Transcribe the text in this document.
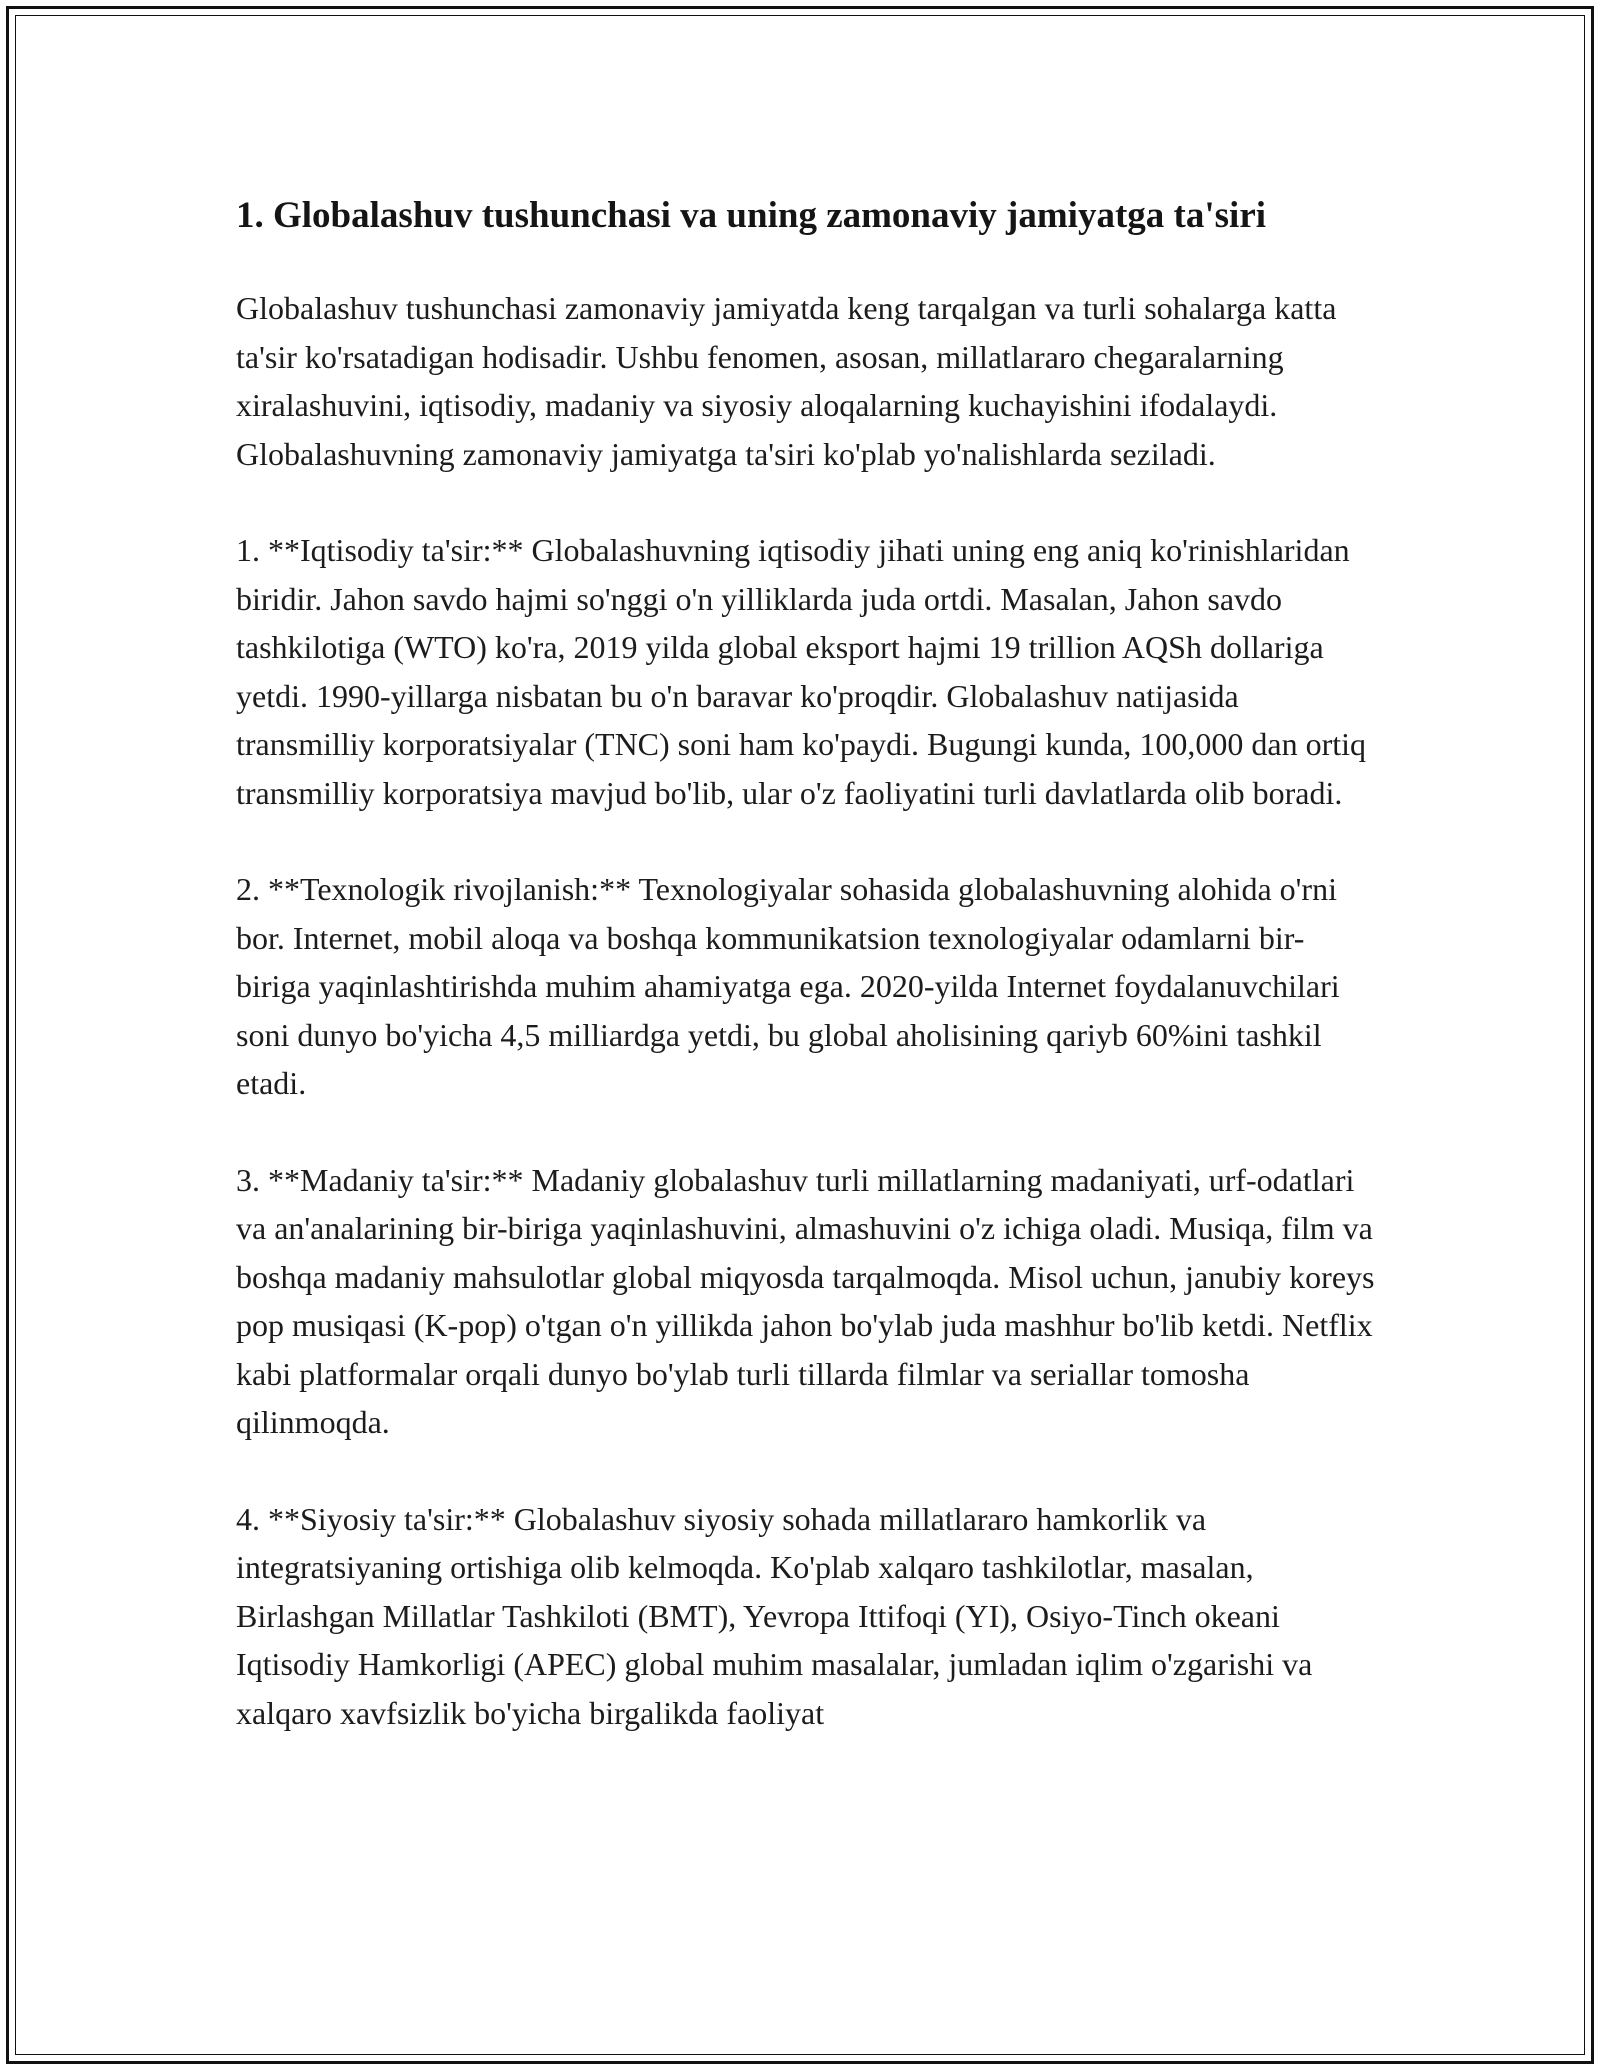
1. Globalashuv tushunchasi va uning zamonaviy jamiyatga ta'siri

Globalashuv tushunchasi zamonaviy jamiyatda keng tarqalgan va turli sohalarga katta ta'sir ko'rsatadigan hodisadir. Ushbu fenomen, asosan, millatlararo chegaralarning xiralashuvini, iqtisodiy, madaniy va siyosiy aloqalarning kuchayishini ifodalaydi. Globalashuvning zamonaviy jamiyatga ta'siri ko'plab yo'nalishlarda seziladi.

1. **Iqtisodiy ta'sir:** Globalashuvning iqtisodiy jihati uning eng aniq ko'rinishlaridan biridir. Jahon savdo hajmi so'nggi o'n yilliklarda juda ortdi. Masalan, Jahon savdo tashkilotiga (WTO) ko'ra, 2019 yilda global eksport hajmi 19 trillion AQSh dollariga yetdi. 1990-yillarga nisbatan bu o'n baravar ko'proqdir. Globalashuv natijasida transmilliy korporatsiyalar (TNC) soni ham ko'paydi. Bugungi kunda, 100,000 dan ortiq transmilliy korporatsiya mavjud bo'lib, ular o'z faoliyatini turli davlatlarda olib boradi.

2. **Texnologik rivojlanish:** Texnologiyalar sohasida globalashuvning alohida o'rni bor. Internet, mobil aloqa va boshqa kommunikatsion texnologiyalar odamlarni bir-biriga yaqinlashtirishda muhim ahamiyatga ega. 2020-yilda Internet foydalanuvchilari soni dunyo bo'yicha 4,5 milliardga yetdi, bu global aholisining qariyb 60%ini tashkil etadi.

3. **Madaniy ta'sir:** Madaniy globalashuv turli millatlarning madaniyati, urf-odatlari va an'analarining bir-biriga yaqinlashuvini, almashuvini o'z ichiga oladi. Musiqa, film va boshqa madaniy mahsulotlar global miqyosda tarqalmoqda. Misol uchun, janubiy koreys pop musiqasi (K-pop) o'tgan o'n yillikda jahon bo'ylab juda mashhur bo'lib ketdi. Netflix kabi platformalar orqali dunyo bo'ylab turli tillarda filmlar va seriallar tomosha qilinmoqda.

4. **Siyosiy ta'sir:** Globalashuv siyosiy sohada millatlararo hamkorlik va integratsiyaning ortishiga olib kelmoqda. Ko'plab xalqaro tashkilotlar, masalan, Birlashgan Millatlar Tashkiloti (BMT), Yevropa Ittifoqi (YI), Osiyo-Tinch okeani Iqtisodiy Hamkorligi (APEC) global muhim masalalar, jumladan iqlim o'zgarishi va xalqaro xavfsizlik bo'yicha birgalikda faoliyat
